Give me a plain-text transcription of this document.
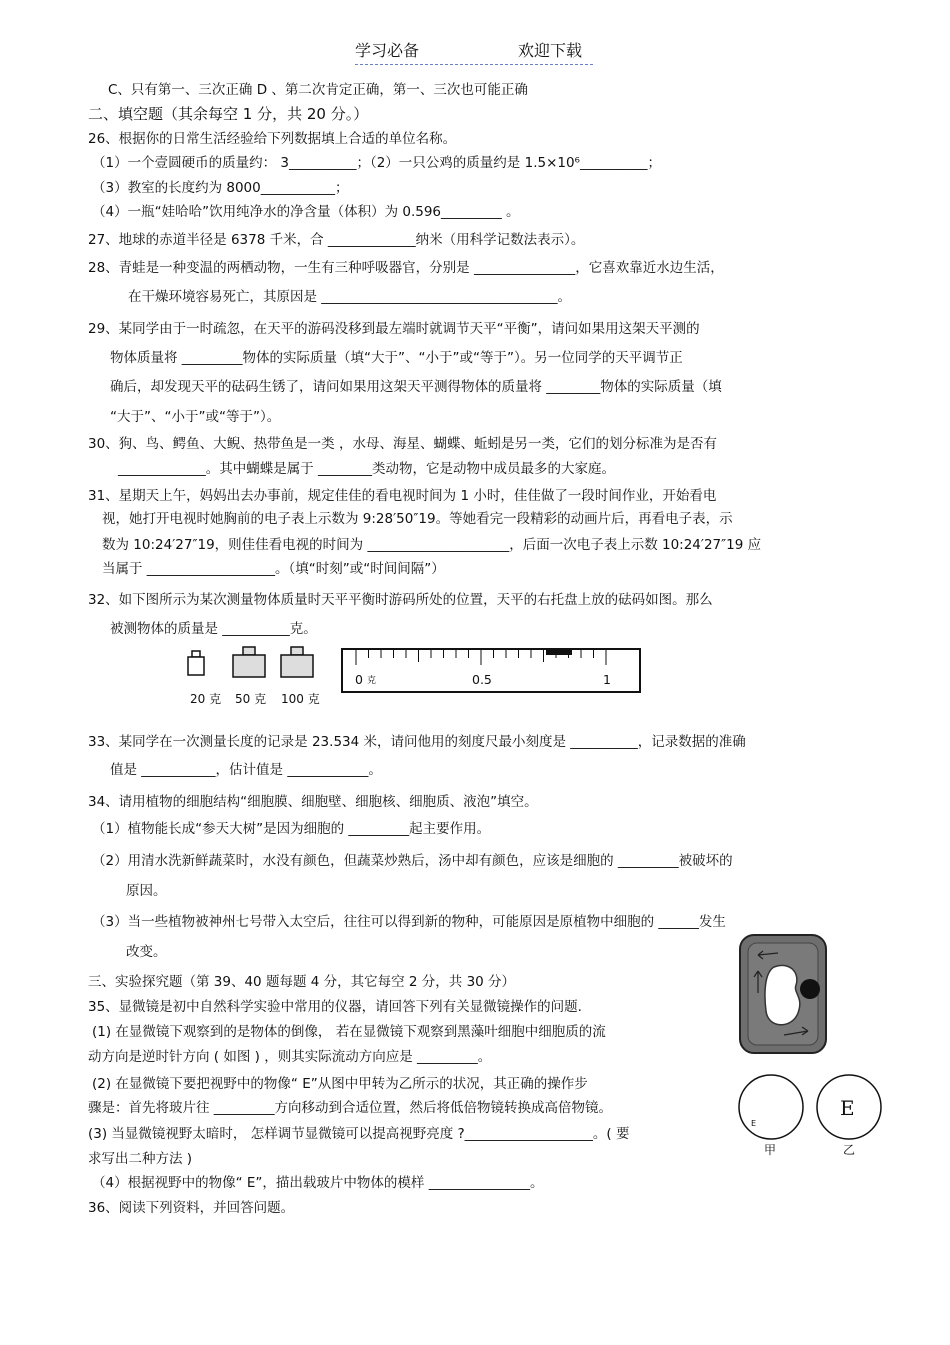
学习必备	欢迎下载
C、只有第一、三次正确 D 、第二次肯定正确，第一、三次也可能正确
二、填空题（其余每空 1 分，共 20 分。）
26、根据你的日常生活经验给下列数据填上合适的单位名称。
（1）一个壹圆硬币的质量约： 3__________；（2）一只公鸡的质量约是 1.5×10⁶__________；
（3）教室的长度约为 8000___________；
（4）一瓶“娃哈哈”饮用纯净水的净含量（体积）为 0.596_________ 。
27、地球的赤道半径是 6378 千米，合 _____________纳米（用科学记数法表示）。
28、青蛙是一种变温的两栖动物，一生有三种呼吸器官，分别是 _______________，它喜欢靠近水边生活，
在干燥环境容易死亡，其原因是 ___________________________________。
29、某同学由于一时疏忽，在天平的游码没移到最左端时就调节天平“平衡”，请问如果用这架天平测的
物体质量将 _________物体的实际质量（填“大于”、“小于”或“等于”）。另一位同学的天平调节正
确后，却发现天平的砝码生锈了，请问如果用这架天平测得物体的质量将 ________物体的实际质量（填
“大于”、“小于”或“等于”）。
30、狗、鸟、鳄鱼、大鲵、热带鱼是一类 ，水母、海星、蝴蝶、蚯蚓是另一类，它们的划分标准为是否有
_____________。其中蝴蝶是属于 ________类动物，它是动物中成员最多的大家庭。
31、星期天上午，妈妈出去办事前，规定佳佳的看电视时间为 1 小时，佳佳做了一段时间作业，开始看电
视，她打开电视时她胸前的电子表上示数为 9:28′50″19。等她看完一段精彩的动画片后，再看电子表，示
数为 10:24′27″19，则佳佳看电视的时间为 _____________________，后面一次电子表上示数 10:24′27″19 应
当属于 ___________________。（填“时刻”或“时间间隔”）
32、如下图所示为某次测量物体质量时天平平衡时游码所处的位置，天平的右托盘上放的砝码如图。那么
被测物体的质量是 __________克。
33、某同学在一次测量长度的记录是 23.534 米，请问他用的刻度尺最小刻度是 __________，记录数据的准确
值是 ___________，估计值是 ____________。
34、请用植物的细胞结构“细胞膜、细胞壁、细胞核、细胞质、液泡”填空。
（1）植物能长成“参天大树”是因为细胞的 _________起主要作用。
（2）用清水洗新鲜蔬菜时，水没有颜色，但蔬菜炒熟后，汤中却有颜色，应该是细胞的 _________被破坏的
原因。
（3）当一些植物被神州七号带入太空后，往往可以得到新的物种，可能原因是原植物中细胞的 ______发生
改变。
三、实验探究题（第 39、40 题每题 4 分，其它每空 2 分，共 30 分）
35、显微镜是初中自然科学实验中常用的仪器，请回答下列有关显微镜操作的问题.
(1) 在显微镜下观察到的是物体的倒像， 若在显微镜下观察到黑藻叶细胞中细胞质的流
动方向是逆时针方向 ( 如图 ) ，则其实际流动方向应是 _________。
(2) 在显微镜下要把视野中的物像“ E”从图中甲转为乙所示的状况，其正确的操作步
骤是：首先将玻片往 _________方向移动到合适位置，然后将低倍物镜转换成高倍物镜。
(3) 当显微镜视野太暗时， 怎样调节显微镜可以提高视野亮度 ?___________________。( 要
求写出二种方法 )
（4）根据视野中的物像“ E”，描出载玻片中物体的模样 _______________。
36、阅读下列资料，并回答问题。
20 克 50 克 100 克
0 克	0.5	1
E
E
甲	乙
